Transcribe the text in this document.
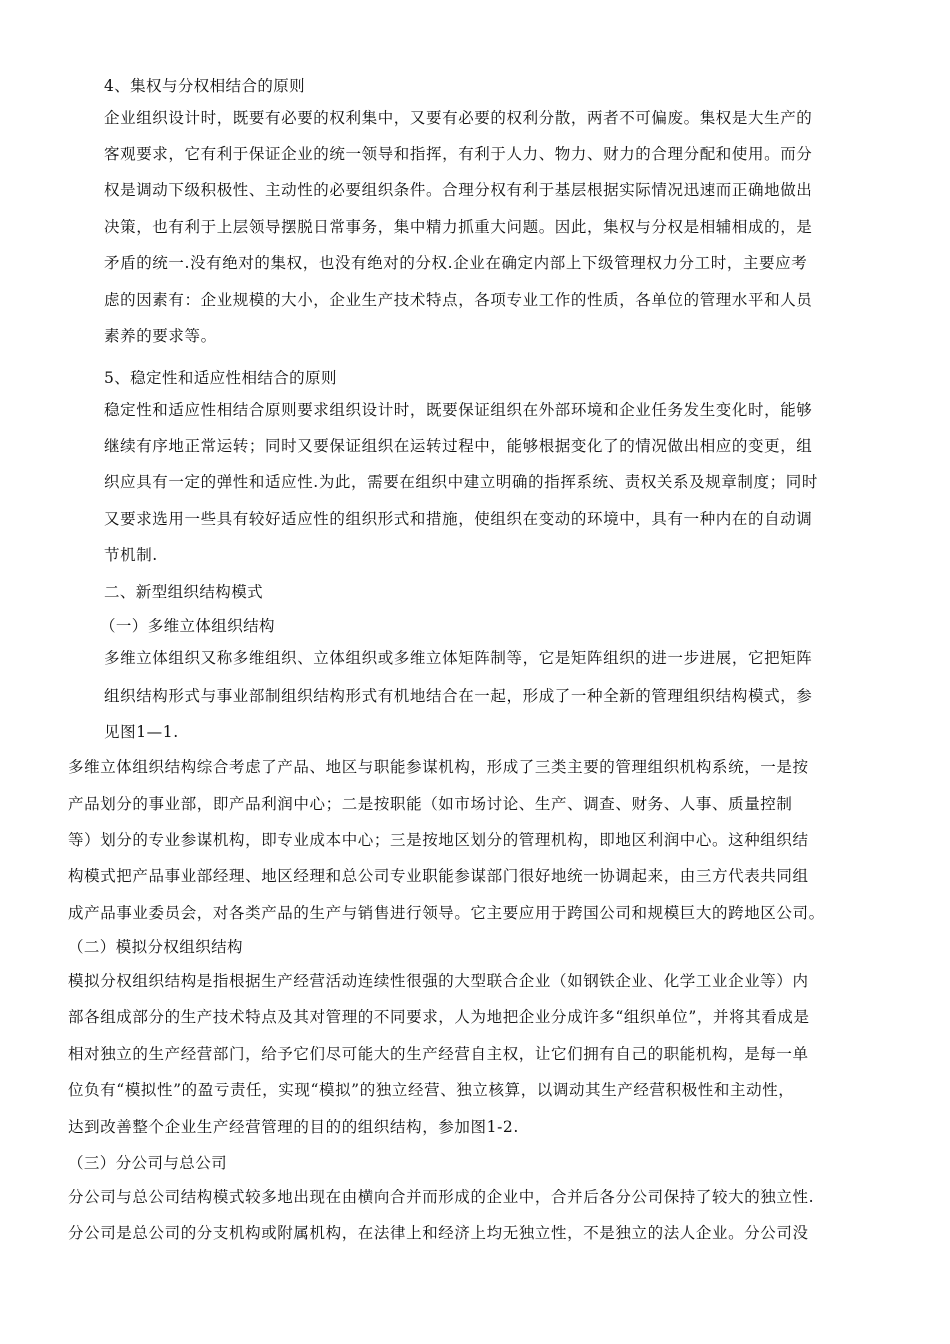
4、集权与分权相结合的原则
企业组织设计时，既要有必要的权利集中，又要有必要的权利分散，两者不可偏废。集权是大生产的
客观要求，它有利于保证企业的统一领导和指挥，有利于人力、物力、财力的合理分配和使用。而分
权是调动下级积极性、主动性的必要组织条件。合理分权有利于基层根据实际情况迅速而正确地做出
决策，也有利于上层领导摆脱日常事务，集中精力抓重大问题。因此，集权与分权是相辅相成的，是
矛盾的统一.没有绝对的集权，也没有绝对的分权.企业在确定内部上下级管理权力分工时，主要应考
虑的因素有：企业规模的大小，企业生产技术特点，各项专业工作的性质，各单位的管理水平和人员
素养的要求等。
5、稳定性和适应性相结合的原则
稳定性和适应性相结合原则要求组织设计时，既要保证组织在外部环境和企业任务发生变化时，能够
继续有序地正常运转；同时又要保证组织在运转过程中，能够根据变化了的情况做出相应的变更，组
织应具有一定的弹性和适应性.为此，需要在组织中建立明确的指挥系统、责权关系及规章制度；同时
又要求选用一些具有较好适应性的组织形式和措施，使组织在变动的环境中，具有一种内在的自动调
节机制.
二、新型组织结构模式
（一）多维立体组织结构
多维立体组织又称多维组织、立体组织或多维立体矩阵制等，它是矩阵组织的进一步进展，它把矩阵
组织结构形式与事业部制组织结构形式有机地结合在一起，形成了一种全新的管理组织结构模式，参
见图1—1.
多维立体组织结构综合考虑了产品、地区与职能参谋机构，形成了三类主要的管理组织机构系统，一是按
产品划分的事业部，即产品利润中心；二是按职能（如市场讨论、生产、调查、财务、人事、质量控制
等）划分的专业参谋机构，即专业成本中心；三是按地区划分的管理机构，即地区利润中心。这种组织结
构模式把产品事业部经理、地区经理和总公司专业职能参谋部门很好地统一协调起来，由三方代表共同组
成产品事业委员会，对各类产品的生产与销售进行领导。它主要应用于跨国公司和规模巨大的跨地区公司。
（二）模拟分权组织结构
模拟分权组织结构是指根据生产经营活动连续性很强的大型联合企业（如钢铁企业、化学工业企业等）内
部各组成部分的生产技术特点及其对管理的不同要求，人为地把企业分成许多“组织单位”，并将其看成是
相对独立的生产经营部门，给予它们尽可能大的生产经营自主权，让它们拥有自己的职能机构，是每一单
位负有“模拟性”的盈亏责任，实现“模拟”的独立经营、独立核算，以调动其生产经营积极性和主动性，
达到改善整个企业生产经营管理的目的的组织结构，参加图1-2.
（三）分公司与总公司
分公司与总公司结构模式较多地出现在由横向合并而形成的企业中，合并后各分公司保持了较大的独立性.
分公司是总公司的分支机构或附属机构，在法律上和经济上均无独立性，不是独立的法人企业。分公司没
